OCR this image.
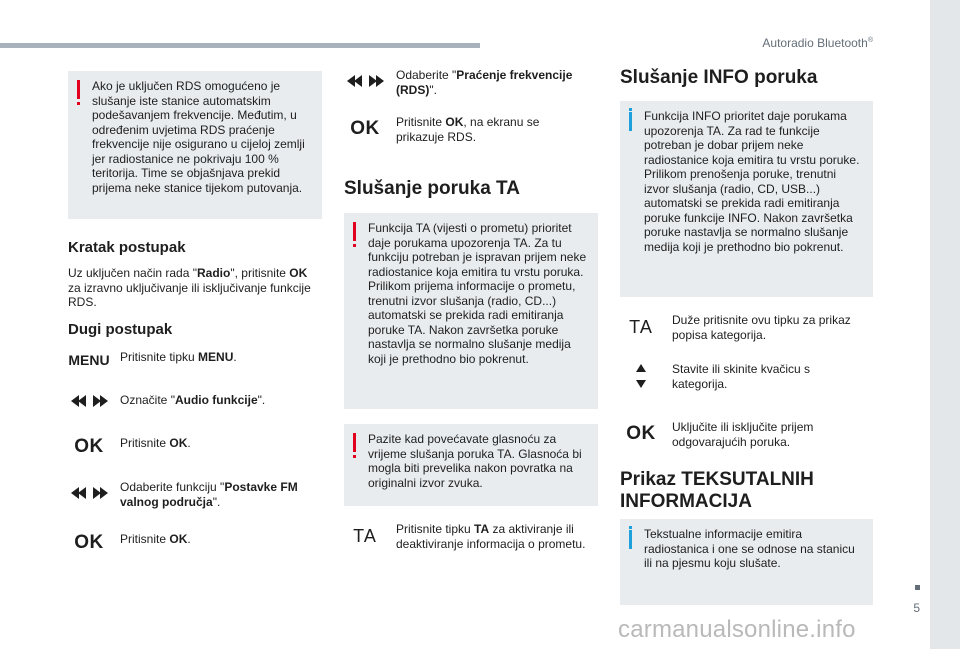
Autoradio Bluetooth®
5
Ako je uključen RDS omogućeno je slušanje iste stanice automatskim podešavanjem frekvencije. Međutim, u određenim uvjetima RDS praćenje frekvencije nije osigurano u cijeloj zemlji jer radiostanice ne pokrivaju 100 % teritorija. Time se objašnjava prekid prijema neke stanice tijekom putovanja.
Kratak postupak
Uz uključen način rada "Radio", pritisnite OK za izravno uključivanje ili isključivanje funkcije RDS.
Dugi postupak
MENU Pritisnite tipku MENU.
Označite "Audio funkcije".
OK	Pritisnite OK.
Odaberite funkciju "Postavke FM valnog područja".
OK	Pritisnite OK.
Odaberite "Praćenje frekvencije (RDS)".
OK	Pritisnite OK, na ekranu se prikazuje RDS.
Slušanje poruka TA
Funkcija TA (vijesti o prometu) prioritet daje porukama upozorenja TA. Za tu funkciju potreban je ispravan prijem neke radiostanice koja emitira tu vrstu poruka. Prilikom prijema informacije o prometu, trenutni izvor slušanja (radio, CD...) automatski se prekida radi emitiranja poruke TA. Nakon završetka poruke nastavlja se normalno slušanje medija koji je prethodno bio pokrenut.
Pazite kad povećavate glasnoću za vrijeme slušanja poruka TA. Glasnoća bi mogla biti prevelika nakon povratka na originalni izvor zvuka.
TA	Pritisnite tipku TA za aktiviranje ili deaktiviranje informacija o prometu.
Slušanje INFO poruka
Funkcija INFO prioritet daje porukama upozorenja TA. Za rad te funkcije potreban je dobar prijem neke radiostanice koja emitira tu vrstu poruke. Prilikom prenošenja poruke, trenutni izvor slušanja (radio, CD, USB...) automatski se prekida radi emitiranja poruke funkcije INFO. Nakon završetka poruke nastavlja se normalno slušanje medija koji je prethodno bio pokrenut.
TA	Duže pritisnite ovu tipku za prikaz popisa kategorija.
Stavite ili skinite kvačicu s kategorija.
OK	Uključite ili isključite prijem odgovarajućih poruka.
Prikaz TEKSUTALNIH INFORMACIJA
Tekstualne informacije emitira radiostanica i one se odnose na stanicu ili na pjesmu koju slušate.
carmanualsonline.info
